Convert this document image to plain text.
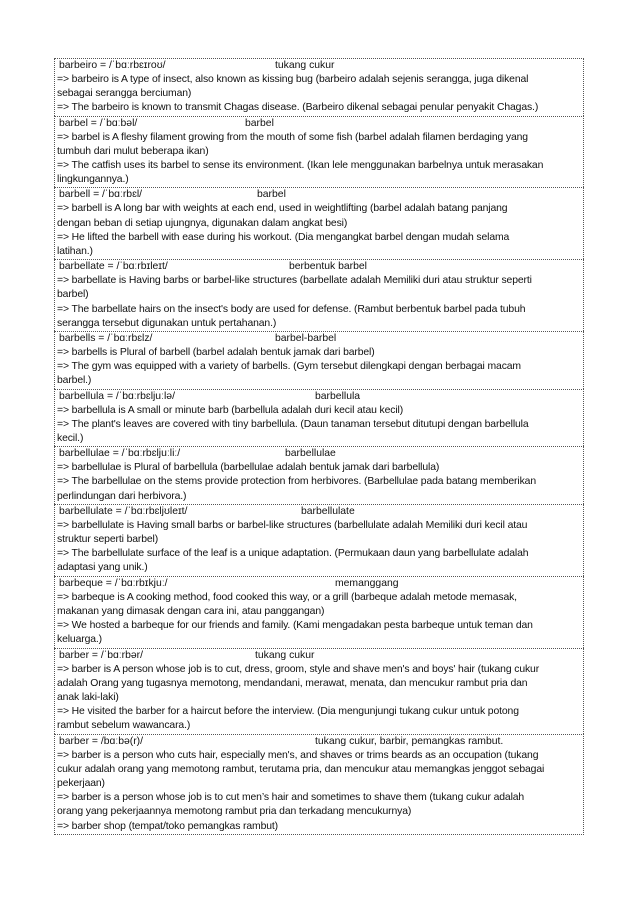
barbeiro = /ˈbɑːrbɛɪroʊ/	tukang cukur
=> barbeiro is A type of insect, also known as kissing bug (barbeiro adalah sejenis serangga, juga dikenal
sebagai serangga berciuman)
=> The barbeiro is known to transmit Chagas disease. (Barbeiro dikenal sebagai penular penyakit Chagas.)
barbel = /ˈbɑːbəl/	barbel
=> barbel is A fleshy filament growing from the mouth of some fish (barbel adalah filamen berdaging yang
tumbuh dari mulut beberapa ikan)
=> The catfish uses its barbel to sense its environment. (Ikan lele menggunakan barbelnya untuk merasakan
lingkungannya.)
barbell = /ˈbɑːrbɛl/	barbel
=> barbell is A long bar with weights at each end, used in weightlifting (barbel adalah batang panjang
dengan beban di setiap ujungnya, digunakan dalam angkat besi)
=> He lifted the barbell with ease during his workout. (Dia mengangkat barbel dengan mudah selama
latihan.)
barbellate = /ˈbɑːrbɪleɪt/	berbentuk barbel
=> barbellate is Having barbs or barbel-like structures (barbellate adalah Memiliki duri atau struktur seperti
barbel)
=> The barbellate hairs on the insect's body are used for defense. (Rambut berbentuk barbel pada tubuh
serangga tersebut digunakan untuk pertahanan.)
barbells = /ˈbɑːrbɛlz/	barbel-barbel
=> barbells is Plural of barbell (barbel adalah bentuk jamak dari barbel)
=> The gym was equipped with a variety of barbells. (Gym tersebut dilengkapi dengan berbagai macam
barbel.)
barbellula = /ˈbɑːrbɛljuːlə/	barbellula
=> barbellula is A small or minute barb (barbellula adalah duri kecil atau kecil)
=> The plant's leaves are covered with tiny barbellula. (Daun tanaman tersebut ditutupi dengan barbellula
kecil.)
barbellulae = /ˈbɑːrbɛljuːliː/	barbellulae
=> barbellulae is Plural of barbellula (barbellulae adalah bentuk jamak dari barbellula)
=> The barbellulae on the stems provide protection from herbivores. (Barbellulae pada batang memberikan
perlindungan dari herbivora.)
barbellulate = /ˈbɑːrbɛljʊleɪt/	barbellulate
=> barbellulate is Having small barbs or barbel-like structures (barbellulate adalah Memiliki duri kecil atau
struktur seperti barbel)
=> The barbellulate surface of the leaf is a unique adaptation. (Permukaan daun yang barbellulate adalah
adaptasi yang unik.)
barbeque = /ˈbɑːrbɪkjuː/	memanggang
=> barbeque is A cooking method, food cooked this way, or a grill (barbeque adalah metode memasak,
makanan yang dimasak dengan cara ini, atau panggangan)
=> We hosted a barbeque for our friends and family. (Kami mengadakan pesta barbeque untuk teman dan
keluarga.)
barber = /ˈbɑːrbər/	tukang cukur
=> barber is A person whose job is to cut, dress, groom, style and shave men's and boys' hair (tukang cukur
adalah Orang yang tugasnya memotong, mendandani, merawat, menata, dan mencukur rambut pria dan
anak laki-laki)
=> He visited the barber for a haircut before the interview. (Dia mengunjungi tukang cukur untuk potong
rambut sebelum wawancara.)
barber = /bɑːbə(r)/	tukang cukur, barbir, pemangkas rambut.
=> barber is a person who cuts hair, especially men's, and shaves or trims beards as an occupation (tukang
cukur adalah orang yang memotong rambut, terutama pria, dan mencukur atau memangkas jenggot sebagai
pekerjaan)
=> barber is a person whose job is to cut men’s hair and sometimes to shave them (tukang cukur adalah
orang yang pekerjaannya memotong rambut pria dan terkadang mencukurnya)
=> barber shop (tempat/toko pemangkas rambut)
